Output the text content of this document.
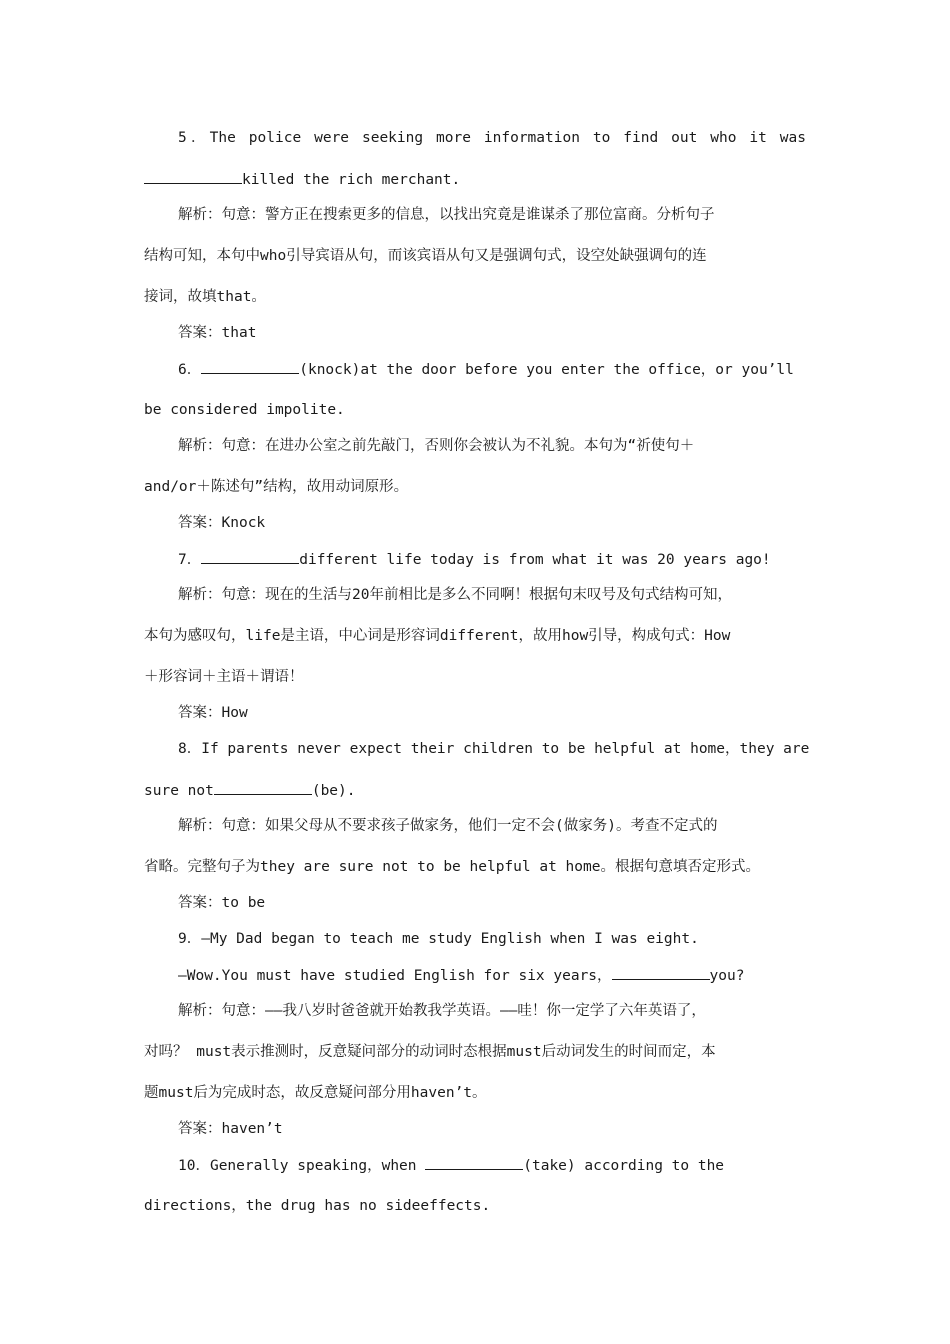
5．The police were seeking more information to find out who it was
killed the rich merchant.
解析：句意：警方正在搜索更多的信息，以找出究竟是谁谋杀了那位富商。分析句子
结构可知，本句中who引导宾语从句，而该宾语从句又是强调句式，设空处缺强调句的连
接词，故填that。
答案：that
6．	(knock)at the door before you enter the office，or you’ll
be considered impolite.
解析：句意：在进办公室之前先敲门，否则你会被认为不礼貌。本句为“祈使句＋
and/or＋陈述句”结构，故用动词原形。
答案：Knock
7．	different life today is from what it was 20 years ago!
解析：句意：现在的生活与20年前相比是多么不同啊！根据句末叹号及句式结构可知，
本句为感叹句，life是主语，中心词是形容词different，故用how引导，构成句式：How
＋形容词＋主语＋谓语！
答案：How
8．If parents never expect their children to be helpful at home，they are
sure not	(be).
解析：句意：如果父母从不要求孩子做家务，他们一定不会(做家务)。考查不定式的
省略。完整句子为they are sure not to be helpful at home。根据句意填否定形式。
答案：to be
9．—My Dad began to teach me study English when I was eight.
—Wow.You must have studied English for six years，	you?
解析：句意：——我八岁时爸爸就开始教我学英语。——哇！你一定学了六年英语了，
对吗？ must表示推测时，反意疑问部分的动词时态根据must后动词发生的时间而定，本
题must后为完成时态，故反意疑问部分用haven’t。
答案：haven’t
10．Generally speaking，when	(take) according to the
directions，the drug has no sideeffects.
